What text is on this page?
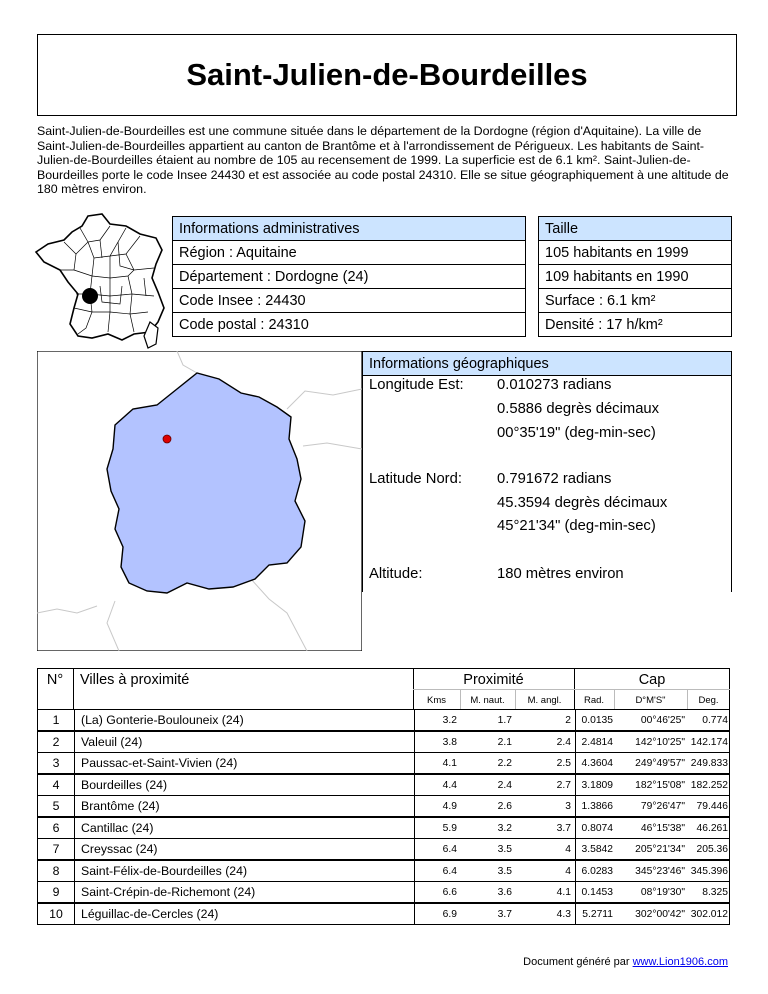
Saint-Julien-de-Bourdeilles
Saint-Julien-de-Bourdeilles est une commune située dans le département de la Dordogne (région d'Aquitaine). La ville de Saint-Julien-de-Bourdeilles appartient au canton de Brantôme et à l'arrondissement de Périgueux. Les habitants de Saint-Julien-de-Bourdeilles étaient au nombre de 105 au recensement de 1999. La superficie est de 6.1 km². Saint-Julien-de-Bourdeilles porte le code Insee 24430 et est associée au code postal 24310. Elle se situe géographiquement à une altitude de 180 mètres environ.
Informations administratives
Région : Aquitaine
Département : Dordogne (24)
Code Insee : 24430
Code postal : 24310
Taille
105 habitants en 1999
109 habitants en 1990
Surface : 6.1 km²
Densité : 17 h/km²
Informations géographiques
Longitude Est: 0.010273 radians
0.5886 degrès décimaux
00°35'19" (deg-min-sec)
Latitude Nord: 0.791672 radians
45.3594 degrès décimaux
45°21'34" (deg-min-sec)
Altitude:	180 mètres environ
N°	Villes à proximité	Proximité	Cap
Kms	M. naut.	M. angl.	Rad.	D°M'S"	Deg.
1	(La) Gonterie-Boulouneix (24)	3.2	1.7	2	0.0135	00°46'25"	0.774
2	Valeuil (24)	3.8	2.1	2.4	2.4814	142°10'25" 142.174
3	Paussac-et-Saint-Vivien (24)	4.1	2.2	2.5	4.3604	249°49'57" 249.833
4	Bourdeilles (24)	4.4	2.4	2.7	3.1809	182°15'08" 182.252
5	Brantôme (24)	4.9	2.6	3	1.3866	79°26'47"	79.446
6	Cantillac (24)	5.9	3.2	3.7	0.8074	46°15'38"	46.261
7	Creyssac (24)	6.4	3.5	4	3.5842	205°21'34"	205.36
8	Saint-Félix-de-Bourdeilles (24)	6.4	3.5	4	6.0283	345°23'46" 345.396
9	Saint-Crépin-de-Richemont (24)	6.6	3.6	4.1	0.1453	08°19'30"	8.325
10	Léguillac-de-Cercles (24)	6.9	3.7	4.3	5.2711	302°00'42" 302.012
Document généré par www.Lion1906.com
